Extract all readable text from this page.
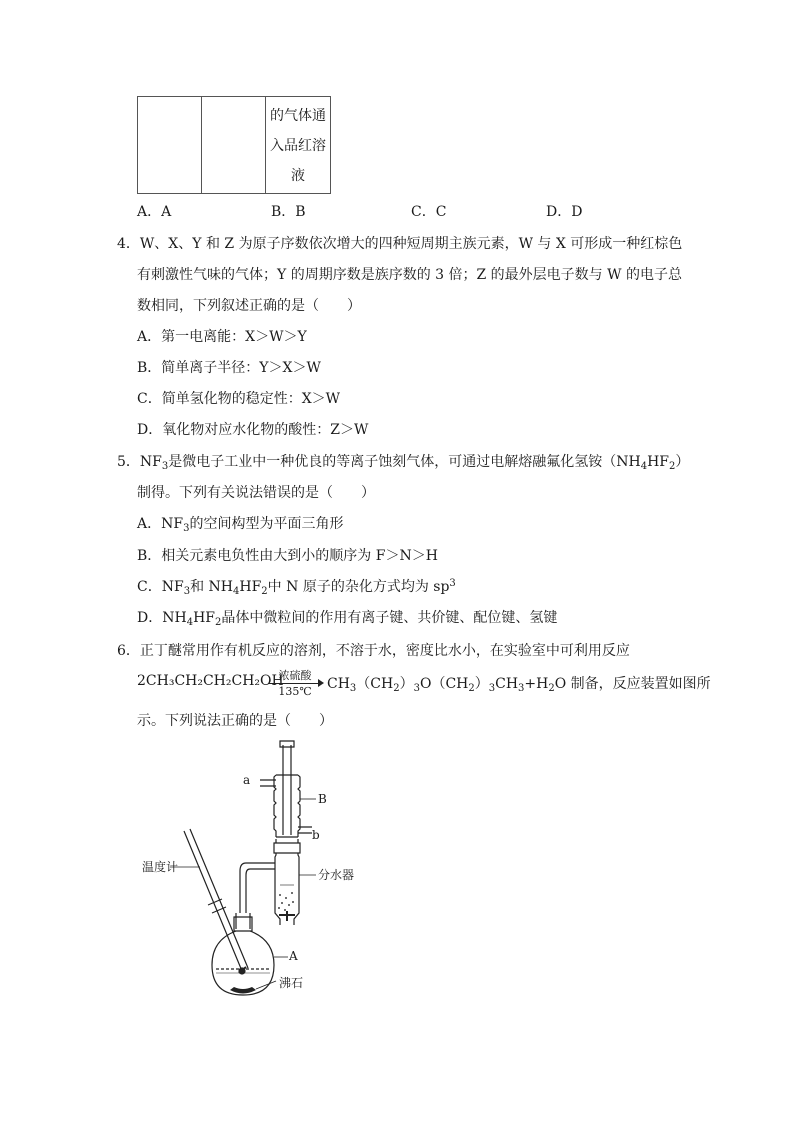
的气体通
入品红溶
液
A．A	B．B	C．C	D．D
4．W、X、Y 和 Z 为原子序数依次增大的四种短周期主族元素，W 与 X 可形成一种红棕色
有刺激性气味的气体；Y 的周期序数是族序数的 3 倍；Z 的最外层电子数与 W 的电子总
数相同，下列叙述正确的是（　　）
A．第一电离能：X＞W＞Y
B．简单离子半径：Y＞X＞W
C．简单氢化物的稳定性：X＞W
D．氧化物对应水化物的酸性：Z＞W
5．$NF_3$是微电子工业中一种优良的等离子蚀刻气体，可通过电解熔融氟化氢铵$(NH_4HF_2)$
制得。下列有关说法错误的是（　　）
A．$NF_3$的空间构型为平面三角形
B．相关元素电负性由大到小的顺序为 F＞N＞H
C．$NF_3$和 $NH_4HF_2$中 N 原子的杂化方式均为 $sp^3$
D．$NH_4HF_2$晶体中微粒间的作用有离子键、共价键、配位键、氢键
6．正丁醚常用作有机反应的溶剂，不溶于水，密度比水小，在实验室中可利用反应
2CH₃CH₂CH₂CH₂OH
浓硫酸
135℃	$CH_3(CH_2)_3O(CH_2)_3CH_3+H_2O$ 制备，反应装置如图所
示。下列说法正确的是（　　）
a
B
b
温度计
分水器
A
沸石
